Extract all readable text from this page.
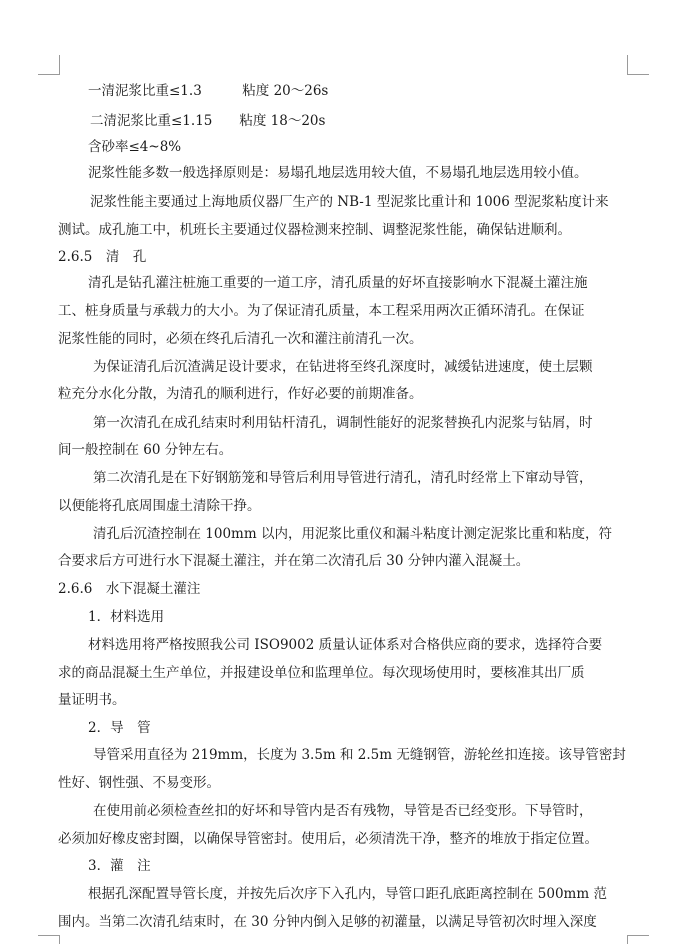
一清泥浆比重≤1.3　　　粘度 20～26s
二清泥浆比重≤1.15　　粘度 18～20s
含砂率≤4~8%
泥浆性能多数一般选择原则是：易塌孔地层选用较大值，不易塌孔地层选用较小值。
泥浆性能主要通过上海地质仪器厂生产的 NB-1 型泥浆比重计和 1006 型泥浆粘度计来
测试。成孔施工中，机班长主要通过仪器检测来控制、调整泥浆性能，确保钻进顺利。
2.6.5　清　孔
清孔是钻孔灌注桩施工重要的一道工序，清孔质量的好坏直接影响水下混凝土灌注施
工、桩身质量与承载力的大小。为了保证清孔质量，本工程采用两次正循环清孔。在保证
泥浆性能的同时，必须在终孔后清孔一次和灌注前清孔一次。
为保证清孔后沉渣满足设计要求，在钻进将至终孔深度时，减缓钻进速度，使土层颗
粒充分水化分散，为清孔的顺利进行，作好必要的前期准备。
第一次清孔在成孔结束时利用钻杆清孔，调制性能好的泥浆替换孔内泥浆与钻屑，时
间一般控制在 60 分钟左右。
第二次清孔是在下好钢筋笼和导管后利用导管进行清孔，清孔时经常上下窜动导管，
以便能将孔底周围虚土清除干挣。
清孔后沉渣控制在 100mm 以内，用泥浆比重仪和漏斗粘度计测定泥浆比重和粘度，符
合要求后方可进行水下混凝土灌注，并在第二次清孔后 30 分钟内灌入混凝土。
2.6.6　水下混凝土灌注
1．材料选用
材料选用将严格按照我公司 ISO9002 质量认证体系对合格供应商的要求，选择符合要
求的商品混凝土生产单位，并报建设单位和监理单位。每次现场使用时，要核准其出厂质
量证明书。
2．导　管
导管采用直径为 219mm，长度为 3.5m 和 2.5m 无缝钢管，游轮丝扣连接。该导管密封
性好、钢性强、不易变形。
在使用前必须检查丝扣的好坏和导管内是否有残物，导管是否已经变形。下导管时，
必须加好橡皮密封圈，以确保导管密封。使用后，必须清洗干净，整齐的堆放于指定位置。
3．灌　注
根据孔深配置导管长度，并按先后次序下入孔内，导管口距孔底距离控制在 500mm 范
围内。当第二次清孔结束时，在 30 分钟内倒入足够的初灌量，以满足导管初次时埋入深度
